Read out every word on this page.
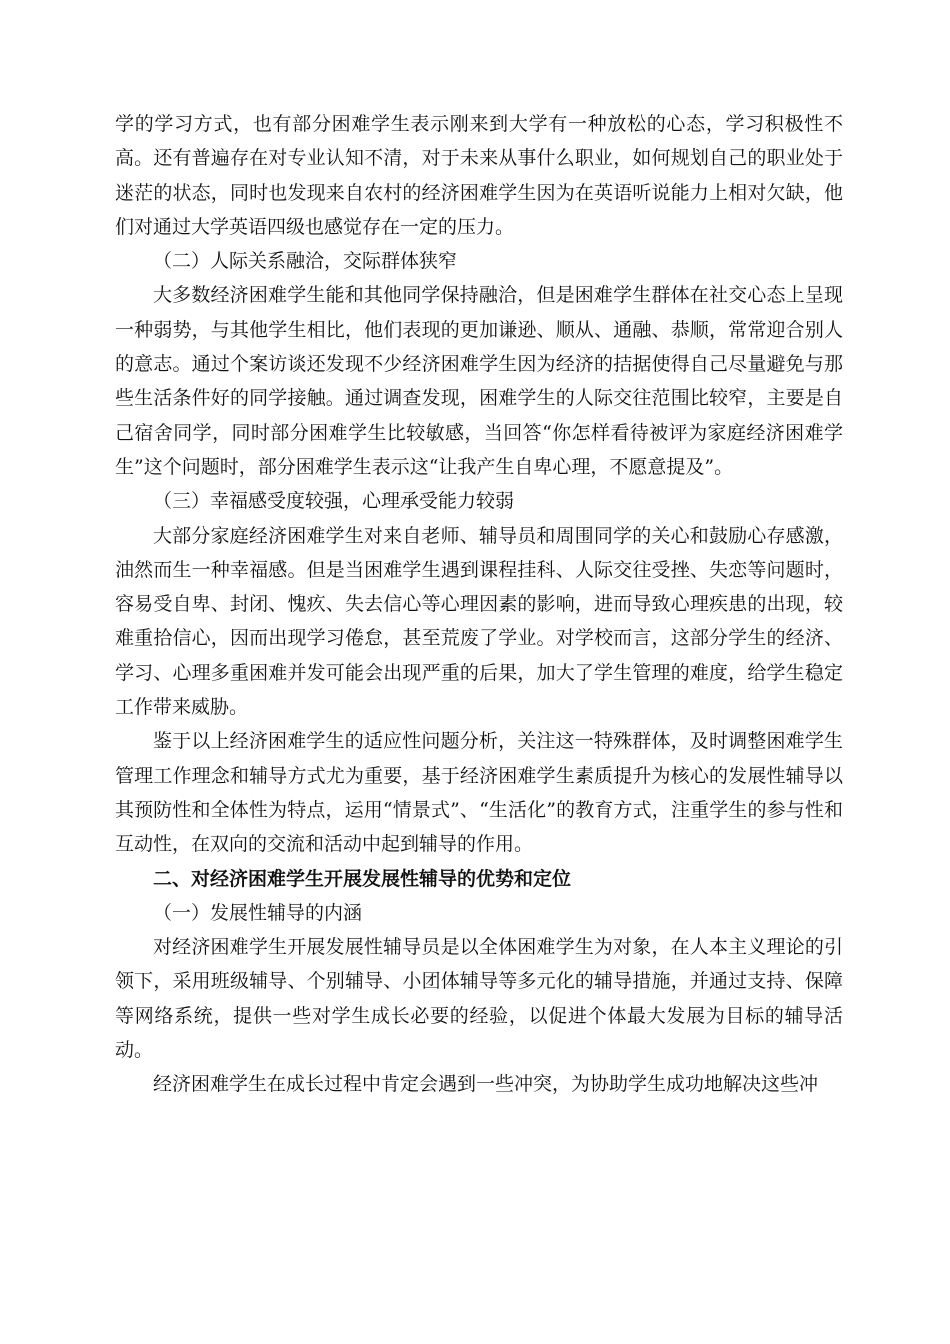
学的学习方式，也有部分困难学生表示刚来到大学有一种放松的心态，学习积极性不高。还有普遍存在对专业认知不清，对于未来从事什么职业，如何规划自己的职业处于迷茫的状态，同时也发现来自农村的经济困难学生因为在英语听说能力上相对欠缺，他们对通过大学英语四级也感觉存在一定的压力。

（二）人际关系融洽，交际群体狭窄

大多数经济困难学生能和其他同学保持融洽，但是困难学生群体在社交心态上呈现一种弱势，与其他学生相比，他们表现的更加谦逊、顺从、通融、恭顺，常常迎合别人的意志。通过个案访谈还发现不少经济困难学生因为经济的拮据使得自己尽量避免与那些生活条件好的同学接触。通过调查发现，困难学生的人际交往范围比较窄，主要是自己宿舍同学，同时部分困难学生比较敏感，当回答“你怎样看待被评为家庭经济困难学生”这个问题时，部分困难学生表示这“让我产生自卑心理，不愿意提及”。

（三）幸福感受度较强，心理承受能力较弱

大部分家庭经济困难学生对来自老师、辅导员和周围同学的关心和鼓励心存感激，油然而生一种幸福感。但是当困难学生遇到课程挂科、人际交往受挫、失恋等问题时，容易受自卑、封闭、愧疚、失去信心等心理因素的影响，进而导致心理疾患的出现，较难重拾信心，因而出现学习倦怠，甚至荒废了学业。对学校而言，这部分学生的经济、学习、心理多重困难并发可能会出现严重的后果，加大了学生管理的难度，给学生稳定工作带来威胁。

鉴于以上经济困难学生的适应性问题分析，关注这一特殊群体，及时调整困难学生管理工作理念和辅导方式尤为重要，基于经济困难学生素质提升为核心的发展性辅导以其预防性和全体性为特点，运用“情景式”、“生活化”的教育方式，注重学生的参与性和互动性，在双向的交流和活动中起到辅导的作用。

二、对经济困难学生开展发展性辅导的优势和定位

（一）发展性辅导的内涵

对经济困难学生开展发展性辅导员是以全体困难学生为对象，在人本主义理论的引领下，采用班级辅导、个别辅导、小团体辅导等多元化的辅导措施，并通过支持、保障等网络系统，提供一些对学生成长必要的经验，以促进个体最大发展为目标的辅导活动。

经济困难学生在成长过程中肯定会遇到一些冲突，为协助学生成功地解决这些冲
